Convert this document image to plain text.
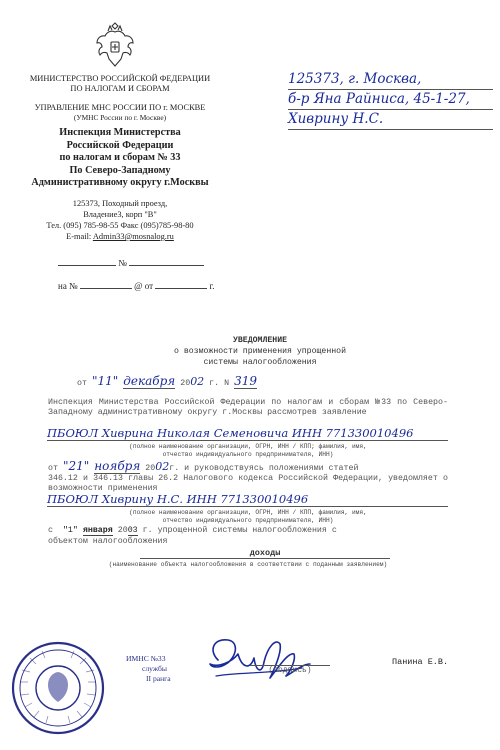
МИНИСТЕРСТВО РОССИЙСКОЙ ФЕДЕРАЦИИ
ПО НАЛОГАМ И СБОРАМ
УПРАВЛЕНИЕ МНС РОССИИ ПО г. МОСКВЕ
(УМНС России по г. Москве)
Инспекция Министерства
Российской Федерации
по налогам и сборам № 33
По Северо-Западному
Административному округу г.Москвы
125373, Походный проезд,
Владение3, корп "В"
Тел. (095) 785-98-55 Факс (095)785-98-80
E-mail: Admin33@mosnalog.ru
№
на №	@ от	г.
125373, г. Москва,
б-р Яна Райниса, 45-1-27,
Хиврину Н.С.
УВЕДОМЛЕНИЕ
о возможности применения упрощенной
системы налогообложения
от "11" декабря 2002 г. N 319
Инспекция Министерства Российской Федерации по налогам и сборам №33 по Северо-Западному административному округу г.Москвы рассмотрев заявление
ПБОЮЛ Хиврина Николая Семеновича ИНН 771330010496
(полное наименование организации, ОГРН, ИНН / КПП; фамилия, имя,
отчество индивидуального предпринимателя, ИНН)
от "21" ноября 2002г. и руководствуясь положениями статей
346.12 и 346.13 главы 26.2 Налогового кодекса Российской Федерации, уведомляет о возможности применения
ПБОЮЛ Хиврину Н.С. ИНН 771330010496
(полное наименование организации, ОГРН, ИНН / КПП, фамилия, имя,
отчество индивидуального предпринимателя, ИНН)
с "1" января 2003 г. упрощенной системы налогообложения с
объектом налогообложения
доходы
(наименование объекта налогообложения в соответствии с поданным заявлением)
ИМНС №33
службы
II ранга
(подпись)
Панина Е.В.
